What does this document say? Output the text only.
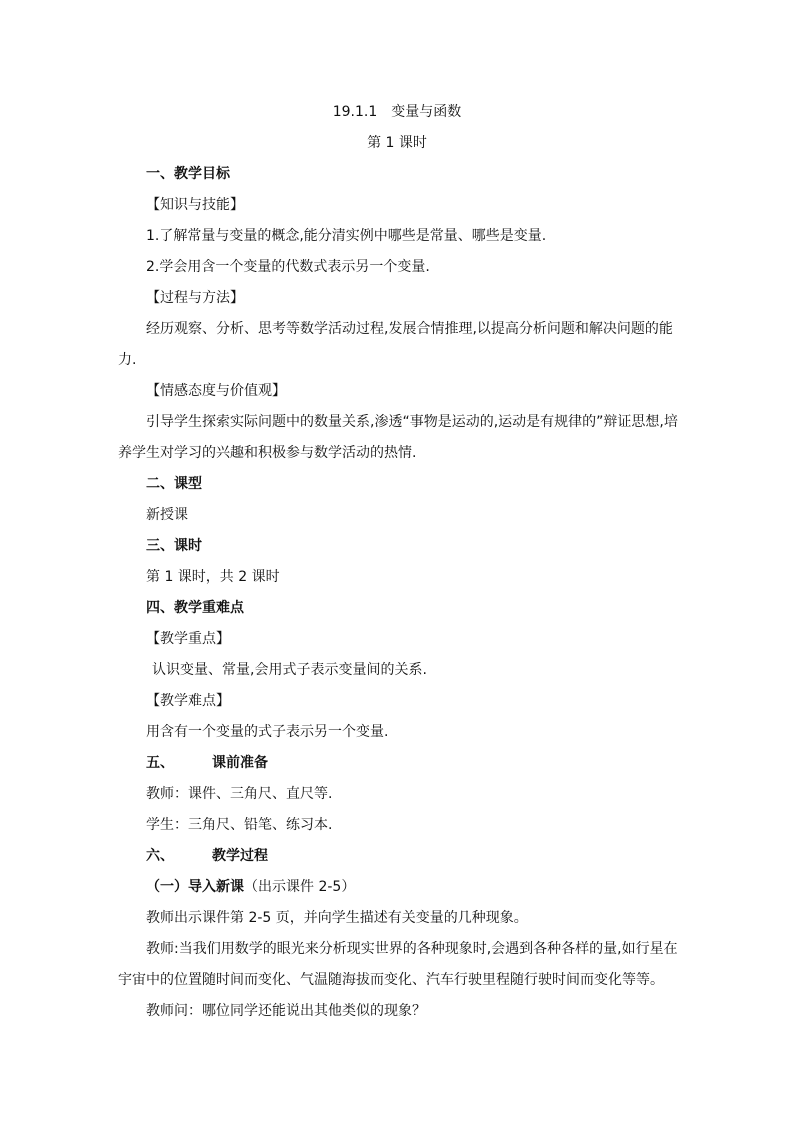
19.1.1　变量与函数
第 1 课时
一、教学目标
【知识与技能】
1.了解常量与变量的概念,能分清实例中哪些是常量、哪些是变量.
2.学会用含一个变量的代数式表示另一个变量.
【过程与方法】
经历观察、分析、思考等数学活动过程,发展合情推理,以提高分析问题和解决问题的能力.
【情感态度与价值观】
引导学生探索实际问题中的数量关系,渗透“事物是运动的,运动是有规律的”辩证思想,培养学生对学习的兴趣和积极参与数学活动的热情.
二、课型
新授课
三、课时
第 1 课时，共 2 课时
四、教学重难点
【教学重点】
认识变量、常量,会用式子表示变量间的关系.
【教学难点】
用含有一个变量的式子表示另一个变量.
五、	课前准备
教师：课件、三角尺、直尺等.
学生：三角尺、铅笔、练习本.
六、	教学过程
（一）导入新课（出示课件 2-5）
教师出示课件第 2-5 页，并向学生描述有关变量的几种现象。
教师:当我们用数学的眼光来分析现实世界的各种现象时,会遇到各种各样的量,如行星在宇宙中的位置随时间而变化、气温随海拔而变化、汽车行驶里程随行驶时间而变化等等。
教师问：哪位同学还能说出其他类似的现象？
